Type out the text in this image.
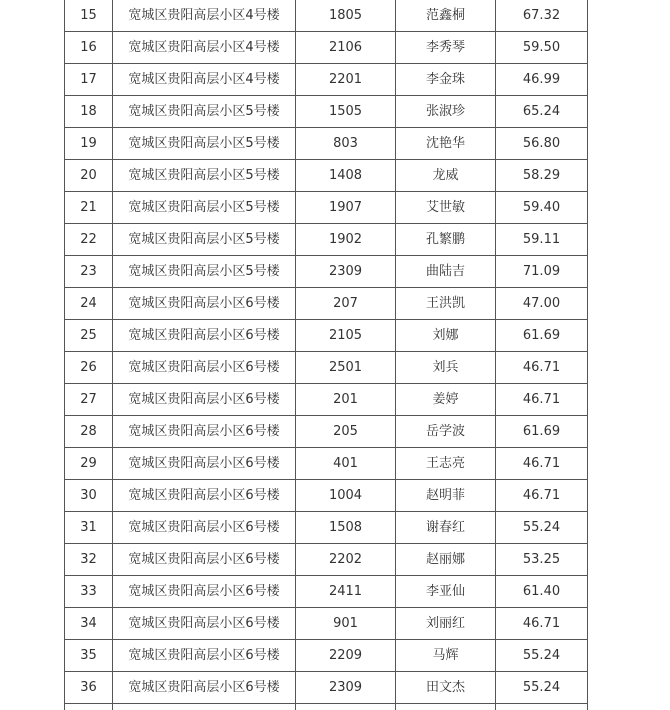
15	宽城区贵阳高层小区4号楼	1805	范鑫桐	67.32
16	宽城区贵阳高层小区4号楼	2106	李秀琴	59.50
17	宽城区贵阳高层小区4号楼	2201	李金珠	46.99
18	宽城区贵阳高层小区5号楼	1505	张淑珍	65.24
19	宽城区贵阳高层小区5号楼	803	沈艳华	56.80
20	宽城区贵阳高层小区5号楼	1408	龙威	58.29
21	宽城区贵阳高层小区5号楼	1907	艾世敏	59.40
22	宽城区贵阳高层小区5号楼	1902	孔繁鹏	59.11
23	宽城区贵阳高层小区5号楼	2309	曲陆吉	71.09
24	宽城区贵阳高层小区6号楼	207	王洪凯	47.00
25	宽城区贵阳高层小区6号楼	2105	刘娜	61.69
26	宽城区贵阳高层小区6号楼	2501	刘兵	46.71
27	宽城区贵阳高层小区6号楼	201	姜婷	46.71
28	宽城区贵阳高层小区6号楼	205	岳学波	61.69
29	宽城区贵阳高层小区6号楼	401	王志亮	46.71
30	宽城区贵阳高层小区6号楼	1004	赵明菲	46.71
31	宽城区贵阳高层小区6号楼	1508	谢春红	55.24
32	宽城区贵阳高层小区6号楼	2202	赵丽娜	53.25
33	宽城区贵阳高层小区6号楼	2411	李亚仙	61.40
34	宽城区贵阳高层小区6号楼	901	刘丽红	46.71
35	宽城区贵阳高层小区6号楼	2209	马辉	55.24
36	宽城区贵阳高层小区6号楼	2309	田文杰	55.24
